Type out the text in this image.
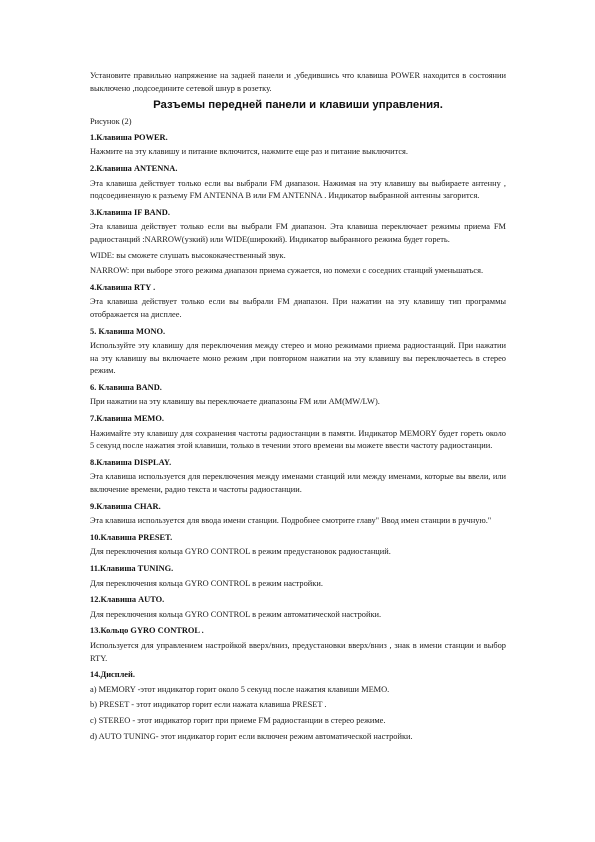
Установите правильно напряжение на задней панели и ,убедившись что клавиша POWER находится в состоянии выключено ,подсоедините сетевой шнур в розетку.

Разъемы передней панели и клавиши управления.

Рисунок (2)

1.Клавиша POWER.

Нажмите на эту клавишу и питание включится, нажмите еще раз и питание выключится.

2.Клавиша ANTENNA.

Эта клавиша действует только если вы выбрали FM диапазон. Нажимая на эту клавишу вы выбираете антенну , подсоединенную к разъему FM ANTENNA B или FM ANTENNA . Индикатор выбранной антенны загорится.

3.Клавиша IF BAND.

Эта клавиша действует только если вы выбрали FM диапазон. Эта клавиша переключает режимы приема FM радиостанций :NARROW(узкий) или WIDE(широкий). Индикатор выбранного режима будет гореть.

WIDE: вы сможете слушать высококачественный звук.

NARROW: при выборе этого режима диапазон приема сужается, но помехи с соседних станций уменьшаться.

4.Клавиша RTY .

Эта клавиша действует только если вы выбрали FM диапазон. При нажатии на эту клавишу тип программы отображается на дисплее.

5. Клавиша MONO.

Используйте эту клавишу для переключения между стерео и моно режимами приема радиостанций. При нажатии на эту клавишу вы включаете моно режим ,при повторном нажатии на эту клавишу вы переключаетесь в стерео режим.

6. Клавиша BAND.

При нажатии на эту клавишу вы переключаете диапазоны FM или AM(MW/LW).

7.Клавиша MEMO.

Нажимайте эту клавишу для сохранения частоты радиостанции в памяти. Индикатор MEMORY будет гореть около 5 секунд после нажатия этой клавиши, только в течении этого времени вы можете ввести частоту радиостанции.

8.Клавиша DISPLAY.

Эта клавиша используется для переключения между именами станций или между именами, которые вы ввели, или включение времени, радио текста и частоты радиостанции.

9.Клавиша CHAR.

Эта клавиша используется для ввода имени станции. Подробнее смотрите главу" Ввод имен станции в ручную."

10.Клавиша PRESET.

Для переключения кольца GYRO CONTROL в режим предустановок радиостанций.

11.Клавиша TUNING.

Для переключения кольца GYRO CONTROL в режим настройки.

12.Клавиша AUTO.

Для переключения кольца GYRO CONTROL в режим автоматической настройки.

13.Кольцо GYRO CONTROL .

Используется для управлением настройкой вверх/вниз, предустановки вверх/вниз , знак в имени станции и выбор RTY.

14.Дисплей.

a) MEMORY -этот индикатор горит около 5 секунд после нажатия клавиши MEMO.

b) PRESET - этот индикатор горит если нажата клавиша PRESET .

c) STEREO - этот индикатор горит при приеме FM радиостанции в стерео режиме.

d) AUTO TUNING- этот индикатор горит если включен режим автоматической настройки.
